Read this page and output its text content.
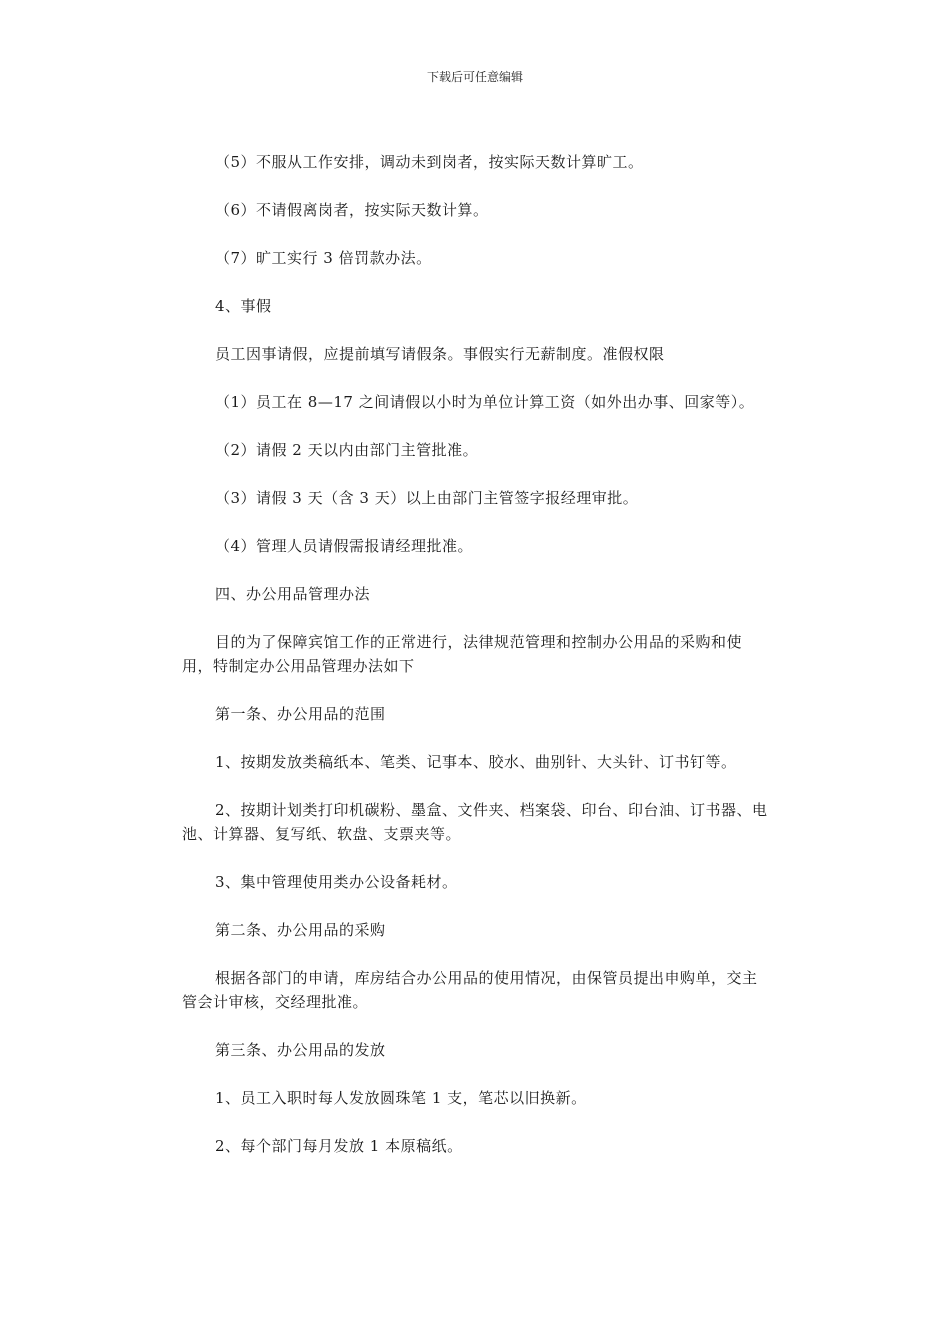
下载后可任意编辑

（5）不服从工作安排，调动未到岗者，按实际天数计算旷工。

（6）不请假离岗者，按实际天数计算。

（7）旷工实行 3 倍罚款办法。

4、事假

员工因事请假，应提前填写请假条。事假实行无薪制度。准假权限

（1）员工在 8—17 之间请假以小时为单位计算工资（如外出办事、回家等）。

（2）请假 2 天以内由部门主管批准。

（3）请假 3 天（含 3 天）以上由部门主管签字报经理审批。

（4）管理人员请假需报请经理批准。

四、办公用品管理办法

目的为了保障宾馆工作的正常进行，法律规范管理和控制办公用品的采购和使用，特制定办公用品管理办法如下

第一条、办公用品的范围

1、按期发放类稿纸本、笔类、记事本、胶水、曲别针、大头针、订书钉等。

2、按期计划类打印机碳粉、墨盒、文件夹、档案袋、印台、印台油、订书器、电池、计算器、复写纸、软盘、支票夹等。

3、集中管理使用类办公设备耗材。

第二条、办公用品的采购

根据各部门的申请，库房结合办公用品的使用情况，由保管员提出申购单，交主管会计审核，交经理批准。

第三条、办公用品的发放

1、员工入职时每人发放圆珠笔 1 支，笔芯以旧换新。

2、每个部门每月发放 1 本原稿纸。
